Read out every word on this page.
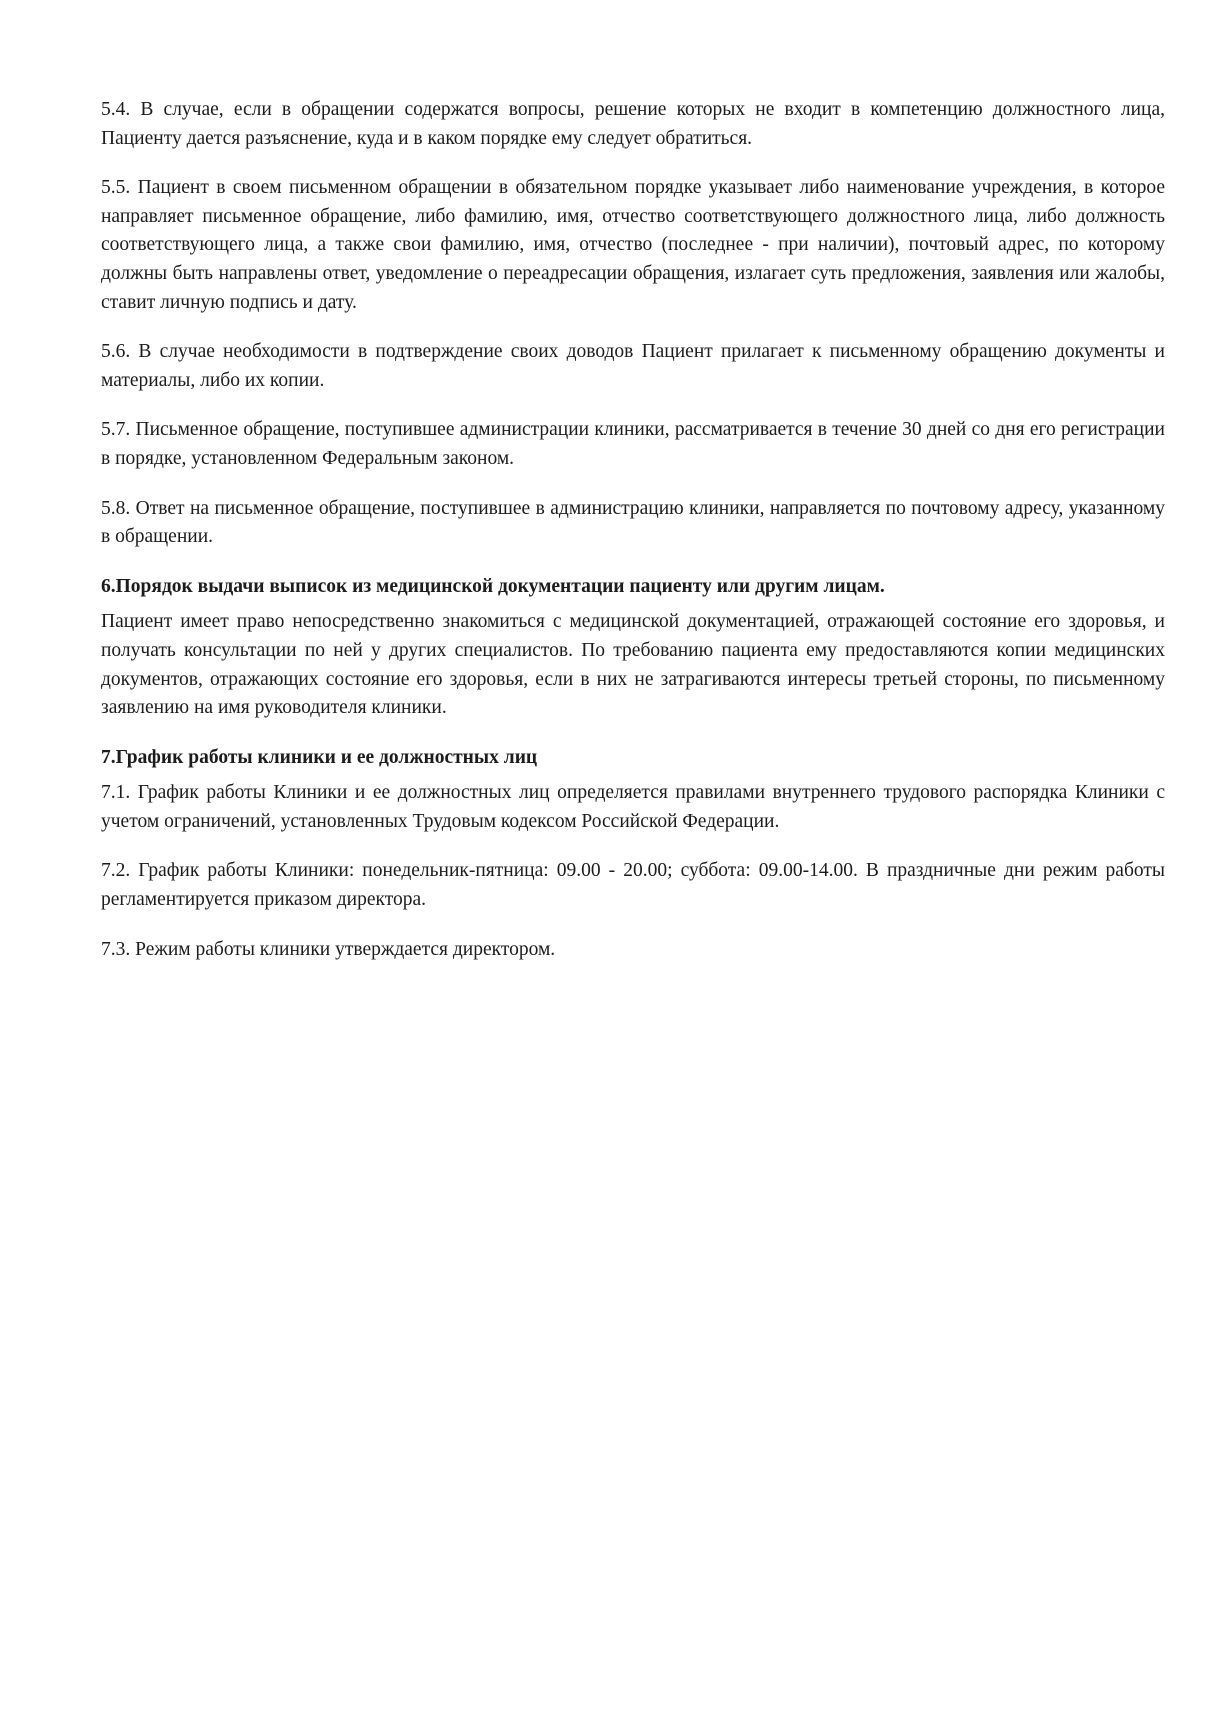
5.4. В случае, если в обращении содержатся вопросы, решение которых не входит в компетенцию должностного лица, Пациенту дается разъяснение, куда и в каком порядке ему следует обратиться.

5.5. Пациент в своем письменном обращении в обязательном порядке указывает либо наименование учреждения, в которое направляет письменное обращение, либо фамилию, имя, отчество соответствующего должностного лица, либо должность соответствующего лица, а также свои фамилию, имя, отчество (последнее - при наличии), почтовый адрес, по которому должны быть направлены ответ, уведомление о переадресации обращения, излагает суть предложения, заявления или жалобы, ставит личную подпись и дату.

5.6. В случае необходимости в подтверждение своих доводов Пациент прилагает к письменному обращению документы и материалы, либо их копии.

5.7. Письменное обращение, поступившее администрации клиники, рассматривается в течение 30 дней со дня его регистрации в порядке, установленном Федеральным законом.

5.8. Ответ на письменное обращение, поступившее в администрацию клиники, направляется по почтовому адресу, указанному в обращении.

6.Порядок выдачи выписок из медицинской документации пациенту или другим лицам.

Пациент имеет право непосредственно знакомиться с медицинской документацией, отражающей состояние его здоровья, и получать консультации по ней у других специалистов. По требованию пациента ему предоставляются копии медицинских документов, отражающих состояние его здоровья, если в них не затрагиваются интересы третьей стороны, по письменному заявлению на имя руководителя клиники.

7.График работы клиники и ее должностных лиц

7.1. График работы Клиники и ее должностных лиц определяется правилами внутреннего трудового распорядка Клиники с учетом ограничений, установленных Трудовым кодексом Российской Федерации.

7.2. График работы Клиники: понедельник-пятница: 09.00 - 20.00; суббота: 09.00-14.00. В праздничные дни режим работы регламентируется приказом директора.

7.3. Режим работы клиники утверждается директором.
